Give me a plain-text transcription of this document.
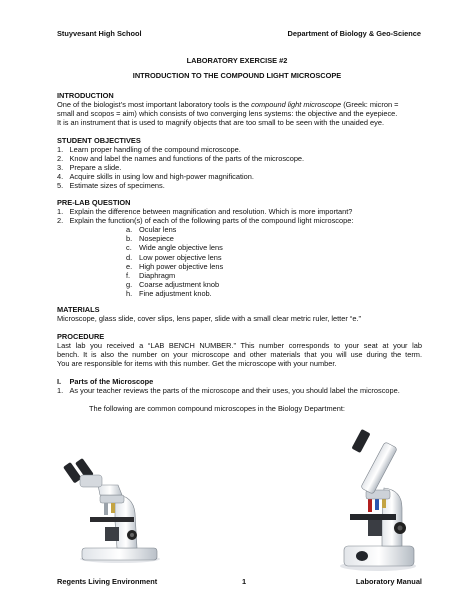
Stuyvesant High School	Department of Biology & Geo-Science
LABORATORY EXERCISE #2
INTRODUCTION TO THE COMPOUND LIGHT MICROSCOPE
INTRODUCTION
One of the biologist’s most important laboratory tools is the compound light microscope (Greek: micron =
small and scopos = aim) which consists of two converging lens systems: the objective and the eyepiece.
It is an instrument that is used to magnify objects that are too small to be seen with the unaided eye.
STUDENT OBJECTIVES
1. Learn proper handling of the compound microscope.
2. Know and label the names and functions of the parts of the microscope.
3. Prepare a slide.
4. Acquire skills in using low and high-power magnification.
5. Estimate sizes of specimens.
PRE-LAB QUESTION
1. Explain the difference between magnification and resolution. Which is more important?
2. Explain the function(s) of each of the following parts of the compound light microscope:
a. Ocular lens
b. Nosepiece
c. Wide angle objective lens
d. Low power objective lens
e. High power objective lens
f.	Diaphragm
g. Coarse adjustment knob
h. Fine adjustment knob.
MATERIALS
Microscope, glass slide, cover slips, lens paper, slide with a small clear metric ruler, letter “e.”
PROCEDURE
Last lab you received a “LAB BENCH NUMBER.” This number corresponds to your seat at your lab
bench. It is also the number on your microscope and other materials that you will use during the term.
You are responsible for items with this number. Get the microscope with your number.
I.	Parts of the Microscope
1. As your teacher reviews the parts of the microscope and their uses, you should label the microscope.
The following are common compound microscopes in the Biology Department:
Regents Living Environment	1	Laboratory Manual
